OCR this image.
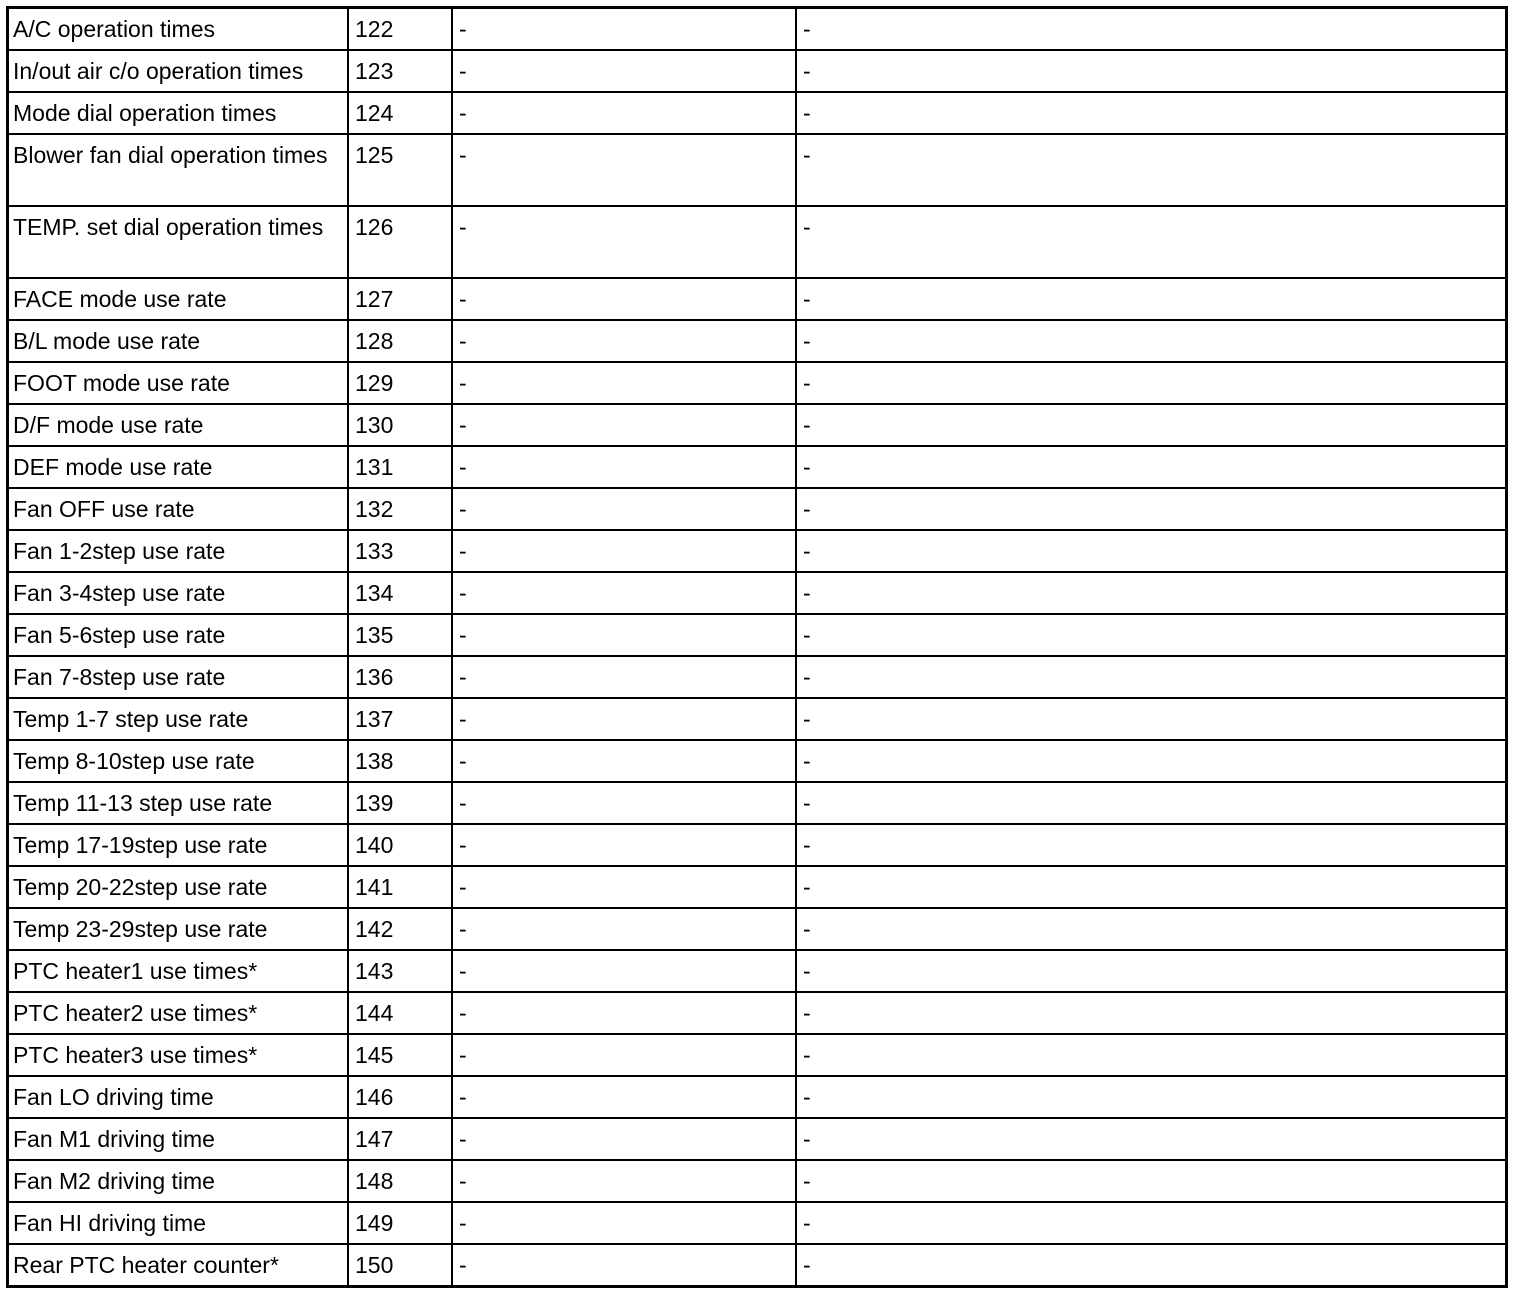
A/C operation times	122	-	-
In/out air c/o operation times	123	-	-
Mode dial operation times	124	-	-
Blower fan dial operation times	125	-	-
TEMP. set dial operation times	126	-	-
FACE mode use rate	127	-	-
B/L mode use rate	128	-	-
FOOT mode use rate	129	-	-
D/F mode use rate	130	-	-
DEF mode use rate	131	-	-
Fan OFF use rate	132	-	-
Fan 1-2step use rate	133	-	-
Fan 3-4step use rate	134	-	-
Fan 5-6step use rate	135	-	-
Fan 7-8step use rate	136	-	-
Temp 1-7 step use rate	137	-	-
Temp 8-10step use rate	138	-	-
Temp 11-13 step use rate	139	-	-
Temp 17-19step use rate	140	-	-
Temp 20-22step use rate	141	-	-
Temp 23-29step use rate	142	-	-
PTC heater1 use times*	143	-	-
PTC heater2 use times*	144	-	-
PTC heater3 use times*	145	-	-
Fan LO driving time	146	-	-
Fan M1 driving time	147	-	-
Fan M2 driving time	148	-	-
Fan HI driving time	149	-	-
Rear PTC heater counter*	150	-	-
